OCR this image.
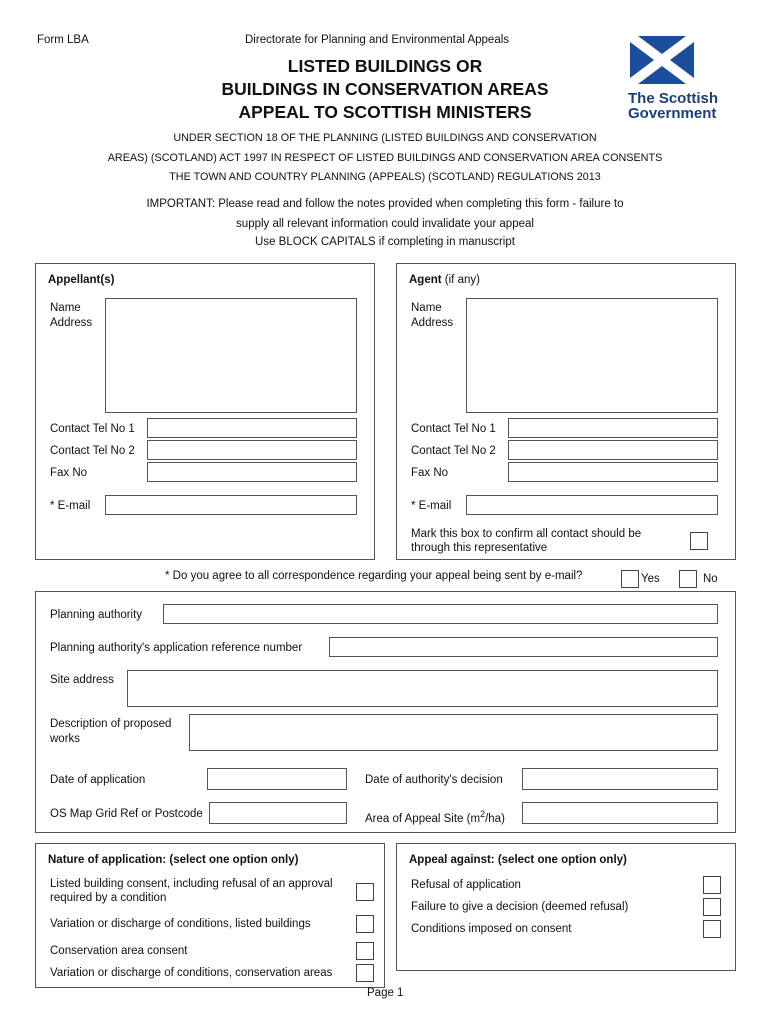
Form LBA	Directorate for Planning and Environmental Appeals
The Scottish
Government
LISTED BUILDINGS OR
BUILDINGS IN CONSERVATION AREAS
APPEAL TO SCOTTISH MINISTERS
UNDER SECTION 18 OF THE PLANNING (LISTED BUILDINGS AND CONSERVATION
AREAS) (SCOTLAND) ACT 1997 IN RESPECT OF LISTED BUILDINGS AND CONSERVATION AREA CONSENTS
THE TOWN AND COUNTRY PLANNING (APPEALS) (SCOTLAND) REGULATIONS 2013
IMPORTANT: Please read and follow the notes provided when completing this form - failure to
supply all relevant information could invalidate your appeal
Use BLOCK CAPITALS if completing in manuscript
Appellant(s)
Name
Address
Contact Tel No 1
Contact Tel No 2
Fax No
* E-mail
Agent (if any)
Name
Address
Contact Tel No 1
Contact Tel No 2
Fax No
* E-mail
Mark this box to confirm all contact should be
through this representative
* Do you agree to all correspondence regarding your appeal being sent by e-mail?	Yes	No
Planning authority
Planning authority's application reference number
Site address
Description of proposed
works
Date of application	Date of authority's decision
OS Map Grid Ref or Postcode	Area of Appeal Site $(m^2/ha)$
Nature of application: (select one option only)
Listed building consent, including refusal of an approval
required by a condition
Variation or discharge of conditions, listed buildings
Conservation area consent
Variation or discharge of conditions, conservation areas
Appeal against: (select one option only)
Refusal of application
Failure to give a decision (deemed refusal)
Conditions imposed on consent
Page 1
